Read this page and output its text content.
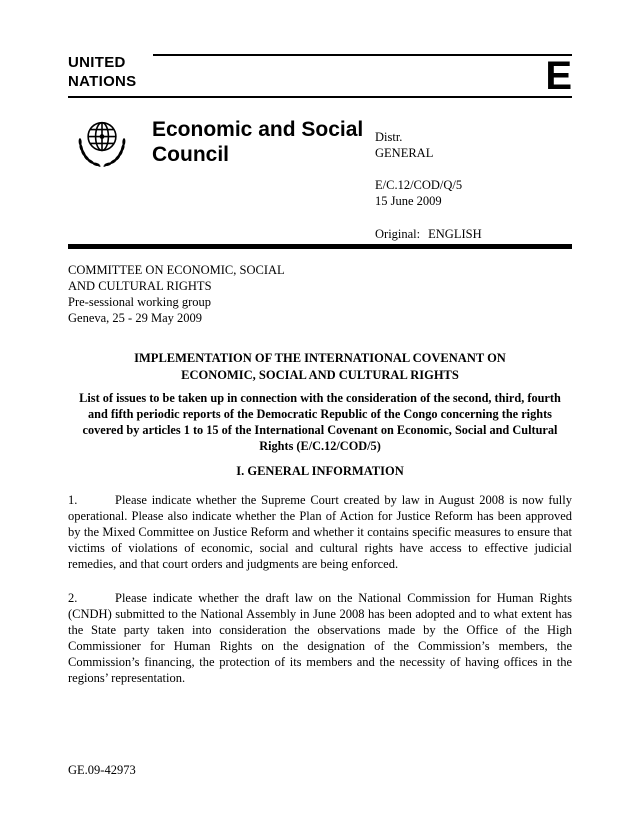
UNITED
NATIONS	E
Economic and Social Council
Distr.
GENERAL
E/C.12/COD/Q/5
15 June 2009
Original: ENGLISH
COMMITTEE ON ECONOMIC, SOCIAL
AND CULTURAL RIGHTS
Pre-sessional working group
Geneva, 25 - 29 May 2009
IMPLEMENTATION OF THE INTERNATIONAL COVENANT ON ECONOMIC, SOCIAL AND CULTURAL RIGHTS
List of issues to be taken up in connection with the consideration of the second, third, fourth and fifth periodic reports of the Democratic Republic of the Congo concerning the rights covered by articles 1 to 15 of the International Covenant on Economic, Social and Cultural Rights (E/C.12/COD/5)
I. GENERAL INFORMATION

1.	Please indicate whether the Supreme Court created by law in August 2008 is now fully operational. Please also indicate whether the Plan of Action for Justice Reform has been approved by the Mixed Committee on Justice Reform and whether it contains specific measures to ensure that victims of violations of economic, social and cultural rights have access to effective judicial remedies, and that court orders and judgments are being enforced.

2.	Please indicate whether the draft law on the National Commission for Human Rights (CNDH) submitted to the National Assembly in June 2008 has been adopted and to what extent has the State party taken into consideration the observations made by the Office of the High Commissioner for Human Rights on the designation of the Commission’s members, the Commission’s financing, the protection of its members and the necessity of having offices in the regions’ representation.

GE.09-42973
